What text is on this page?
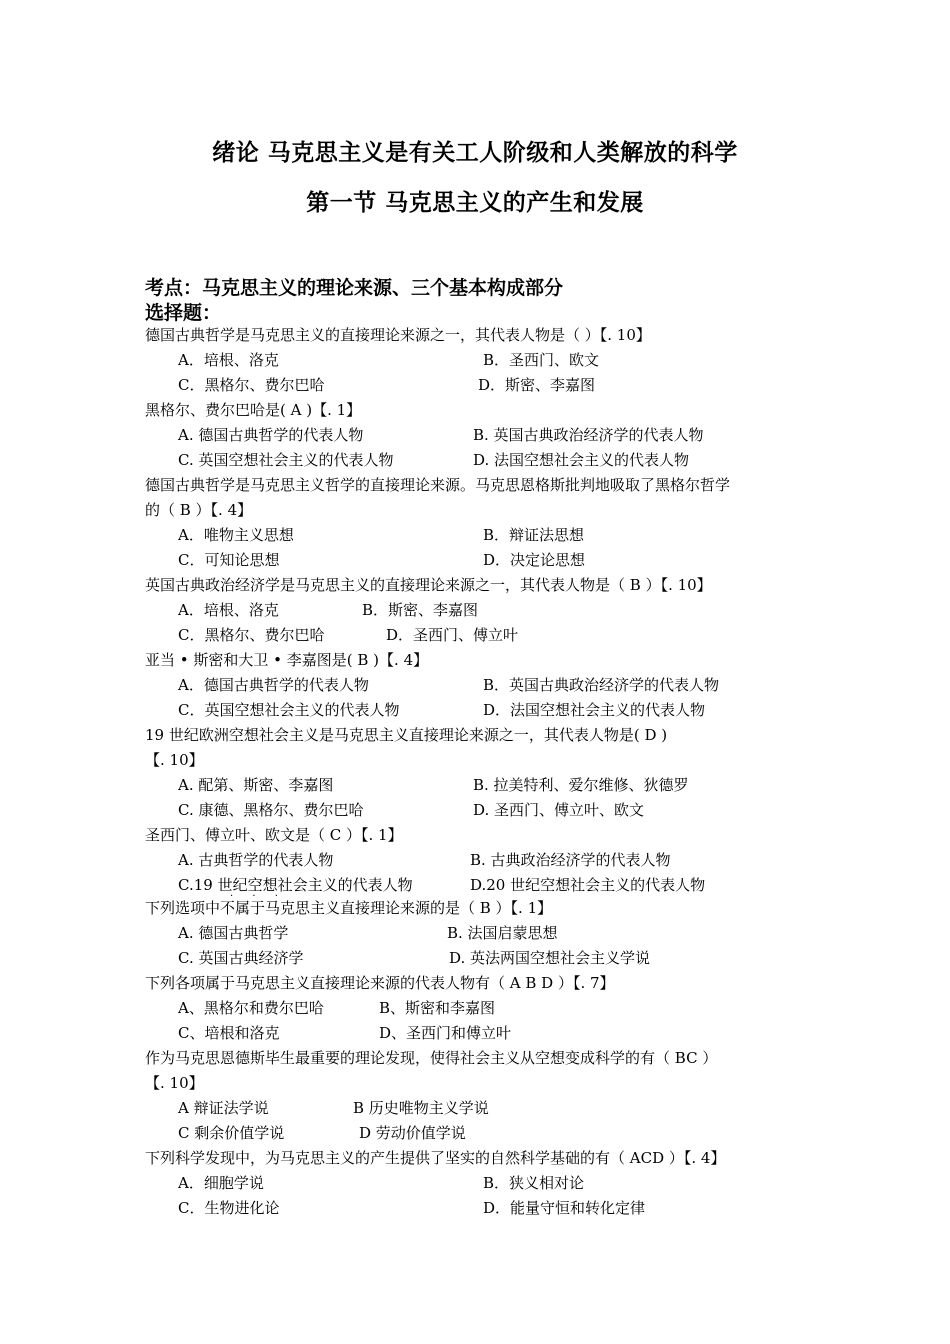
绪论 马克思主义是有关工人阶级和人类解放的科学
第一节 马克思主义的产生和发展
考点：马克思主义的理论来源、三个基本构成部分
选择题：
德国古典哲学是马克思主义的直接理论来源之一，其代表人物是（ ）【. 10】
A．培根、洛克	B．圣西门、欧文
C．黑格尔、费尔巴哈	D．斯密、李嘉图
黑格尔、费尔巴哈是( A )【. 1】
A. 德国古典哲学的代表人物	B. 英国古典政治经济学的代表人物
C. 英国空想社会主义的代表人物	D. 法国空想社会主义的代表人物
德国古典哲学是马克思主义哲学的直接理论来源。马克思恩格斯批判地吸取了黑格尔哲学
的（ B ）【. 4】
A．唯物主义思想	B．辩证法思想
C．可知论思想	D．决定论思想
英国古典政治经济学是马克思主义的直接理论来源之一，其代表人物是（ B ）【. 10】
A．培根、洛克	B．斯密、李嘉图
C．黑格尔、费尔巴哈	D．圣西门、傅立叶
亚当 • 斯密和大卫 • 李嘉图是( B )【. 4】
A．德国古典哲学的代表人物	B．英国古典政治经济学的代表人物
C．英国空想社会主义的代表人物	D．法国空想社会主义的代表人物
19 世纪欧洲空想社会主义是马克思主义直接理论来源之一，其代表人物是( D )
【. 10】
A. 配第、斯密、李嘉图	B. 拉美特利、爱尔维修、狄德罗
C. 康德、黑格尔、费尔巴哈	D. 圣西门、傅立叶、欧文
圣西门、傅立叶、欧文是（ C ）【. 1】
A. 古典哲学的代表人物	B. 古典政治经济学的代表人物
C.19 世纪空想社会主义的代表人物	D.20 世纪空想社会主义的代表人物
下列选项中不属于马克思主义直接理论来源的是（ B ）【. 1】
· · ·
A. 德国古典哲学	B. 法国启蒙思想
C. 英国古典经济学	D. 英法两国空想社会主义学说
下列各项属于马克思主义直接理论来源的代表人物有（ A B D ）【. 7】
A、黑格尔和费尔巴哈	B、斯密和李嘉图
C、培根和洛克	D、圣西门和傅立叶
作为马克思恩德斯毕生最重要的理论发现，使得社会主义从空想变成科学的有（ BC ）
【. 10】
A 辩证法学说	B 历史唯物主义学说
C 剩余价值学说	D 劳动价值学说
下列科学发现中，为马克思主义的产生提供了坚实的自然科学基础的有（ ACD ）【. 4】
A．细胞学说	B．狭义相对论
C．生物进化论	D．能量守恒和转化定律
